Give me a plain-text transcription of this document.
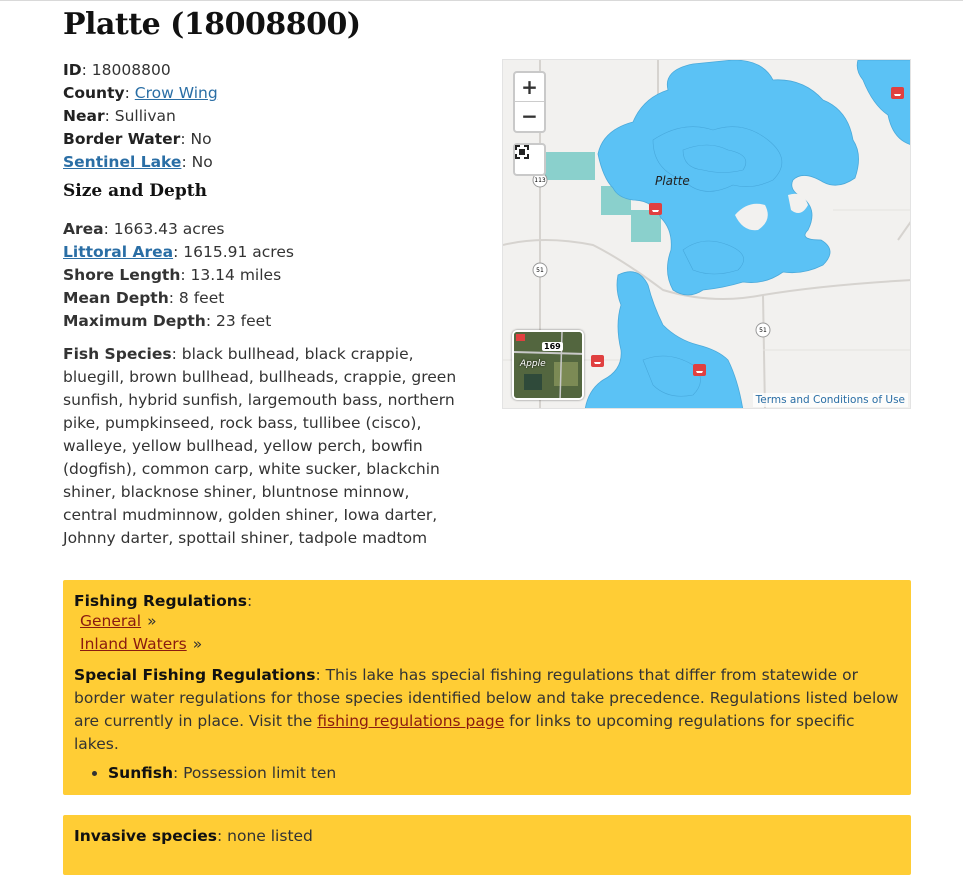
Platte (18008800)
ID: 18008800
County: Crow Wing
Near: Sullivan
Border Water: No
Sentinel Lake: No
Size and Depth
Area: 1663.43 acres
Littoral Area: 1615.91 acres
Shore Length: 13.14 miles
Mean Depth: 8 feet
Maximum Depth: 23 feet
Fish Species: black bullhead, black crappie, bluegill, brown bullhead, bullheads, crappie, green sunfish, hybrid sunfish, largemouth bass, northern pike, pumpkinseed, rock bass, tullibee (cisco), walleye, yellow bullhead, yellow perch, bowfin (dogfish), common carp, white sucker, blackchin shiner, blacknose shiner, bluntnose minnow, central mudminnow, golden shiner, Iowa darter, Johnny darter, spottail shiner, tadpole madtom
113
51
51
Platte
+
−
169
Apple
Terms and Conditions of Use
Fishing Regulations:
General »
Inland Waters »
Special Fishing Regulations: This lake has special fishing regulations that differ from statewide or border water regulations for those species identified below and take precedence. Regulations listed below are currently in place. Visit the fishing regulations page for links to upcoming regulations for specific lakes.
• Sunfish: Possession limit ten
Invasive species: none listed
